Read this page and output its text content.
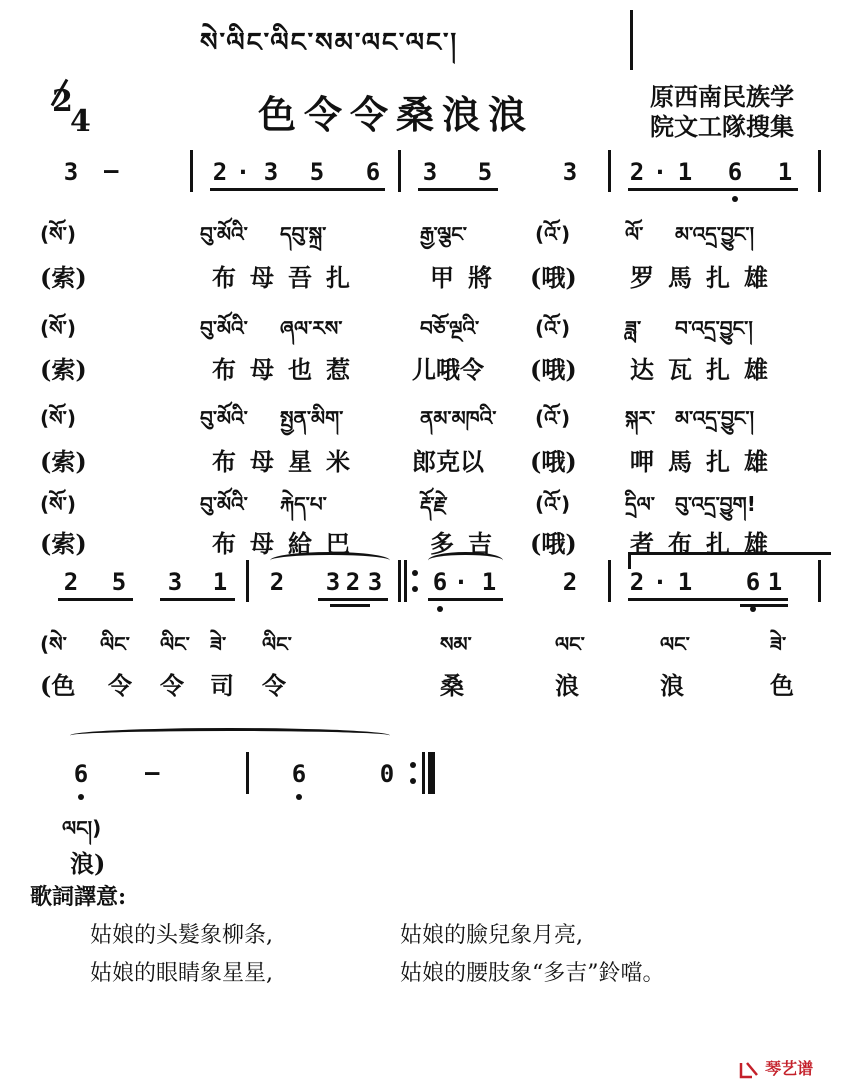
སེ་ལིང་ལིང་སམ་ལང་ལང་།
2
4	色令令桑浪浪	原西南民族学
院文工隊搜集
3	—	2 · 3	5	6	3	5	3	2 · 1	6	1
(སོ་)	བུ་མོའི་ དབུ་སྐྲ་	རྒྱ་ལྕང་	(འོ་)	ལོ་ མ་འདྲ་བྱུང་།
(索)	布母吾扎	甲將 (哦) 罗馬扎雄
(སོ་)	བུ་མོའི་ ཞལ་རས་	བཅོ་ལྔའི་	(འོ་)	ཟླ་ བ་འདྲ་བྱུང་།
(索)	布母也惹 儿哦令 (哦) 达瓦扎雄
(སོ་)	བུ་མོའི་ སྤྱན་མིག་	ནམ་མཁའི་ (འོ་)	སྐར་ མ་འདྲ་བྱུང་།
(索)	布母星米 郎克以 (哦) 呷馬扎雄
(སོ་)	བུ་མོའི་ རྐེད་པ་	རྡོ་རྗེ་	(འོ་)	དྲིལ་ བུ་འདྲ་བྱུག!
(索)	布母給巴	多吉 (哦) 者布扎雄
2	5	3	1	2	3 2 3	6 · 1	2	2 · 1	6 1
(སེ་ ལིང་ ལིང་ ཟེ་ ལིང་	སམ་	ལང་	ལང་	ཟེ་
(色 令 令 司 令	桑	浪	浪	色
6	—	6	0
ལང།)
浪)
歌詞譯意:
姑娘的头髮象柳条,	姑娘的臉兒象月亮,
姑娘的眼睛象星星,	姑娘的腰肢象“多吉”鈴噹。
琴艺谱
